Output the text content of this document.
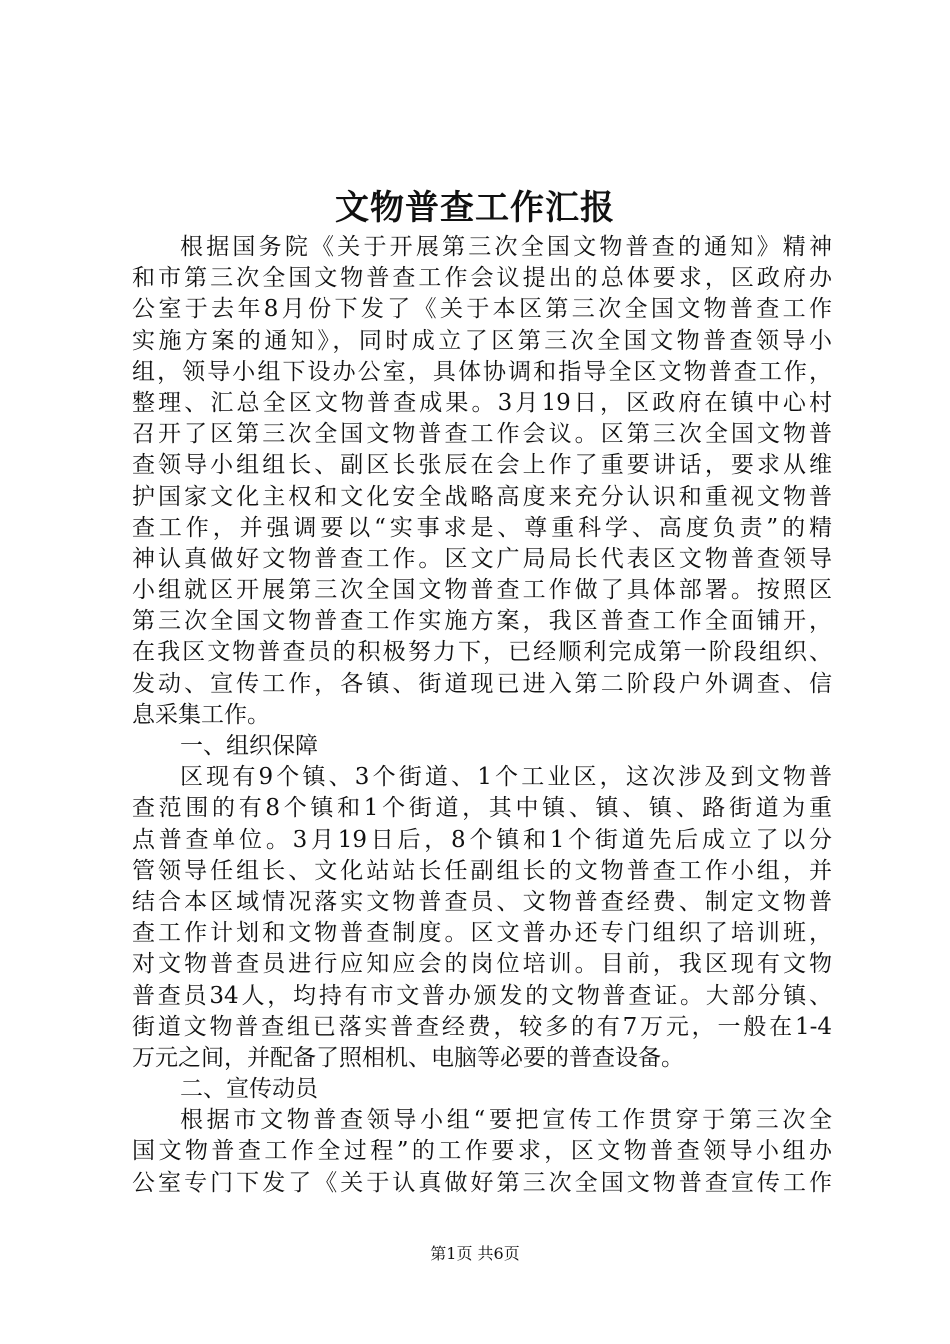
文物普查工作汇报
根据国务院《关于开展第三次全国文物普查的通知》精神
和市第三次全国文物普查工作会议提出的总体要求，区政府办
公室于去年8月份下发了《关于本区第三次全国文物普查工作
实施方案的通知》，同时成立了区第三次全国文物普查领导小
组，领导小组下设办公室，具体协调和指导全区文物普查工作，
整理、汇总全区文物普查成果。3月19日，区政府在镇中心村
召开了区第三次全国文物普查工作会议。区第三次全国文物普
查领导小组组长、副区长张辰在会上作了重要讲话，要求从维
护国家文化主权和文化安全战略高度来充分认识和重视文物普
查工作，并强调要以“实事求是、尊重科学、高度负责”的精
神认真做好文物普查工作。区文广局局长代表区文物普查领导
小组就区开展第三次全国文物普查工作做了具体部署。按照区
第三次全国文物普查工作实施方案，我区普查工作全面铺开，
在我区文物普查员的积极努力下，已经顺利完成第一阶段组织、
发动、宣传工作，各镇、街道现已进入第二阶段户外调查、信
息采集工作。
一、组织保障
区现有9个镇、3个街道、1个工业区，这次涉及到文物普
查范围的有8个镇和1个街道，其中镇、镇、镇、路街道为重
点普查单位。3月19日后，8个镇和1个街道先后成立了以分
管领导任组长、文化站站长任副组长的文物普查工作小组，并
结合本区域情况落实文物普查员、文物普查经费、制定文物普
查工作计划和文物普查制度。区文普办还专门组织了培训班，
对文物普查员进行应知应会的岗位培训。目前，我区现有文物
普查员34人，均持有市文普办颁发的文物普查证。大部分镇、
街道文物普查组已落实普查经费，较多的有7万元，一般在1-4
万元之间，并配备了照相机、电脑等必要的普查设备。
二、宣传动员
根据市文物普查领导小组“要把宣传工作贯穿于第三次全
国文物普查工作全过程”的工作要求，区文物普查领导小组办
公室专门下发了《关于认真做好第三次全国文物普查宣传工作
第1页 共6页
